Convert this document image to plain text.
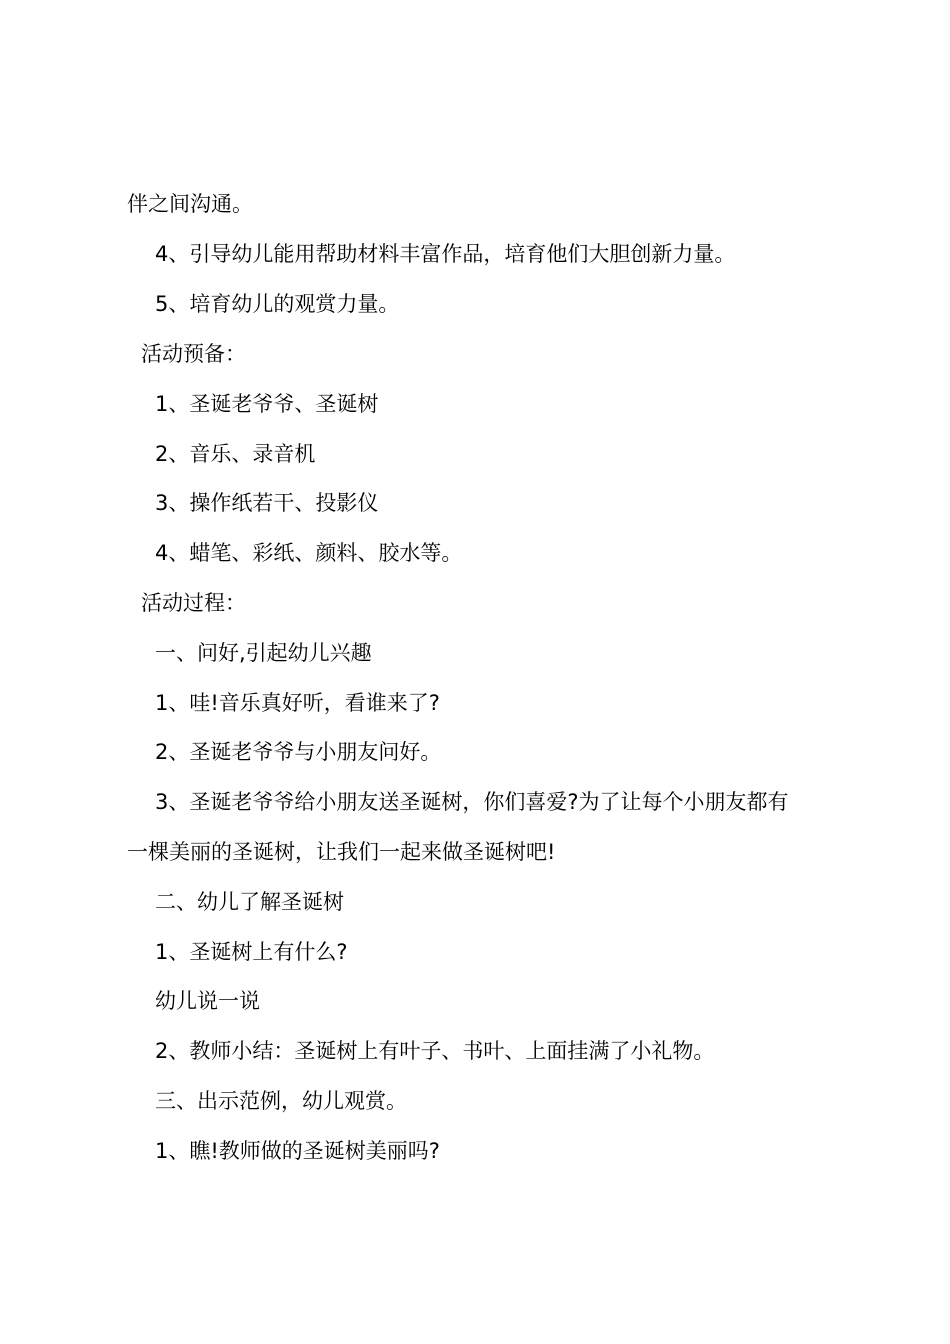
伴之间沟通。
4、引导幼儿能用帮助材料丰富作品，培育他们大胆创新力量。
5、培育幼儿的观赏力量。
活动预备：
1、圣诞老爷爷、圣诞树
2、音乐、录音机
3、操作纸若干、投影仪
4、蜡笔、彩纸、颜料、胶水等。
活动过程：
一、问好,引起幼儿兴趣
1、哇!音乐真好听，看谁来了?
2、圣诞老爷爷与小朋友问好。
3、圣诞老爷爷给小朋友送圣诞树，你们喜爱?为了让每个小朋友都有
一棵美丽的圣诞树，让我们一起来做圣诞树吧!
二、幼儿了解圣诞树
1、圣诞树上有什么?
幼儿说一说
2、教师小结：圣诞树上有叶子、书叶、上面挂满了小礼物。
三、出示范例，幼儿观赏。
1、瞧!教师做的圣诞树美丽吗?
